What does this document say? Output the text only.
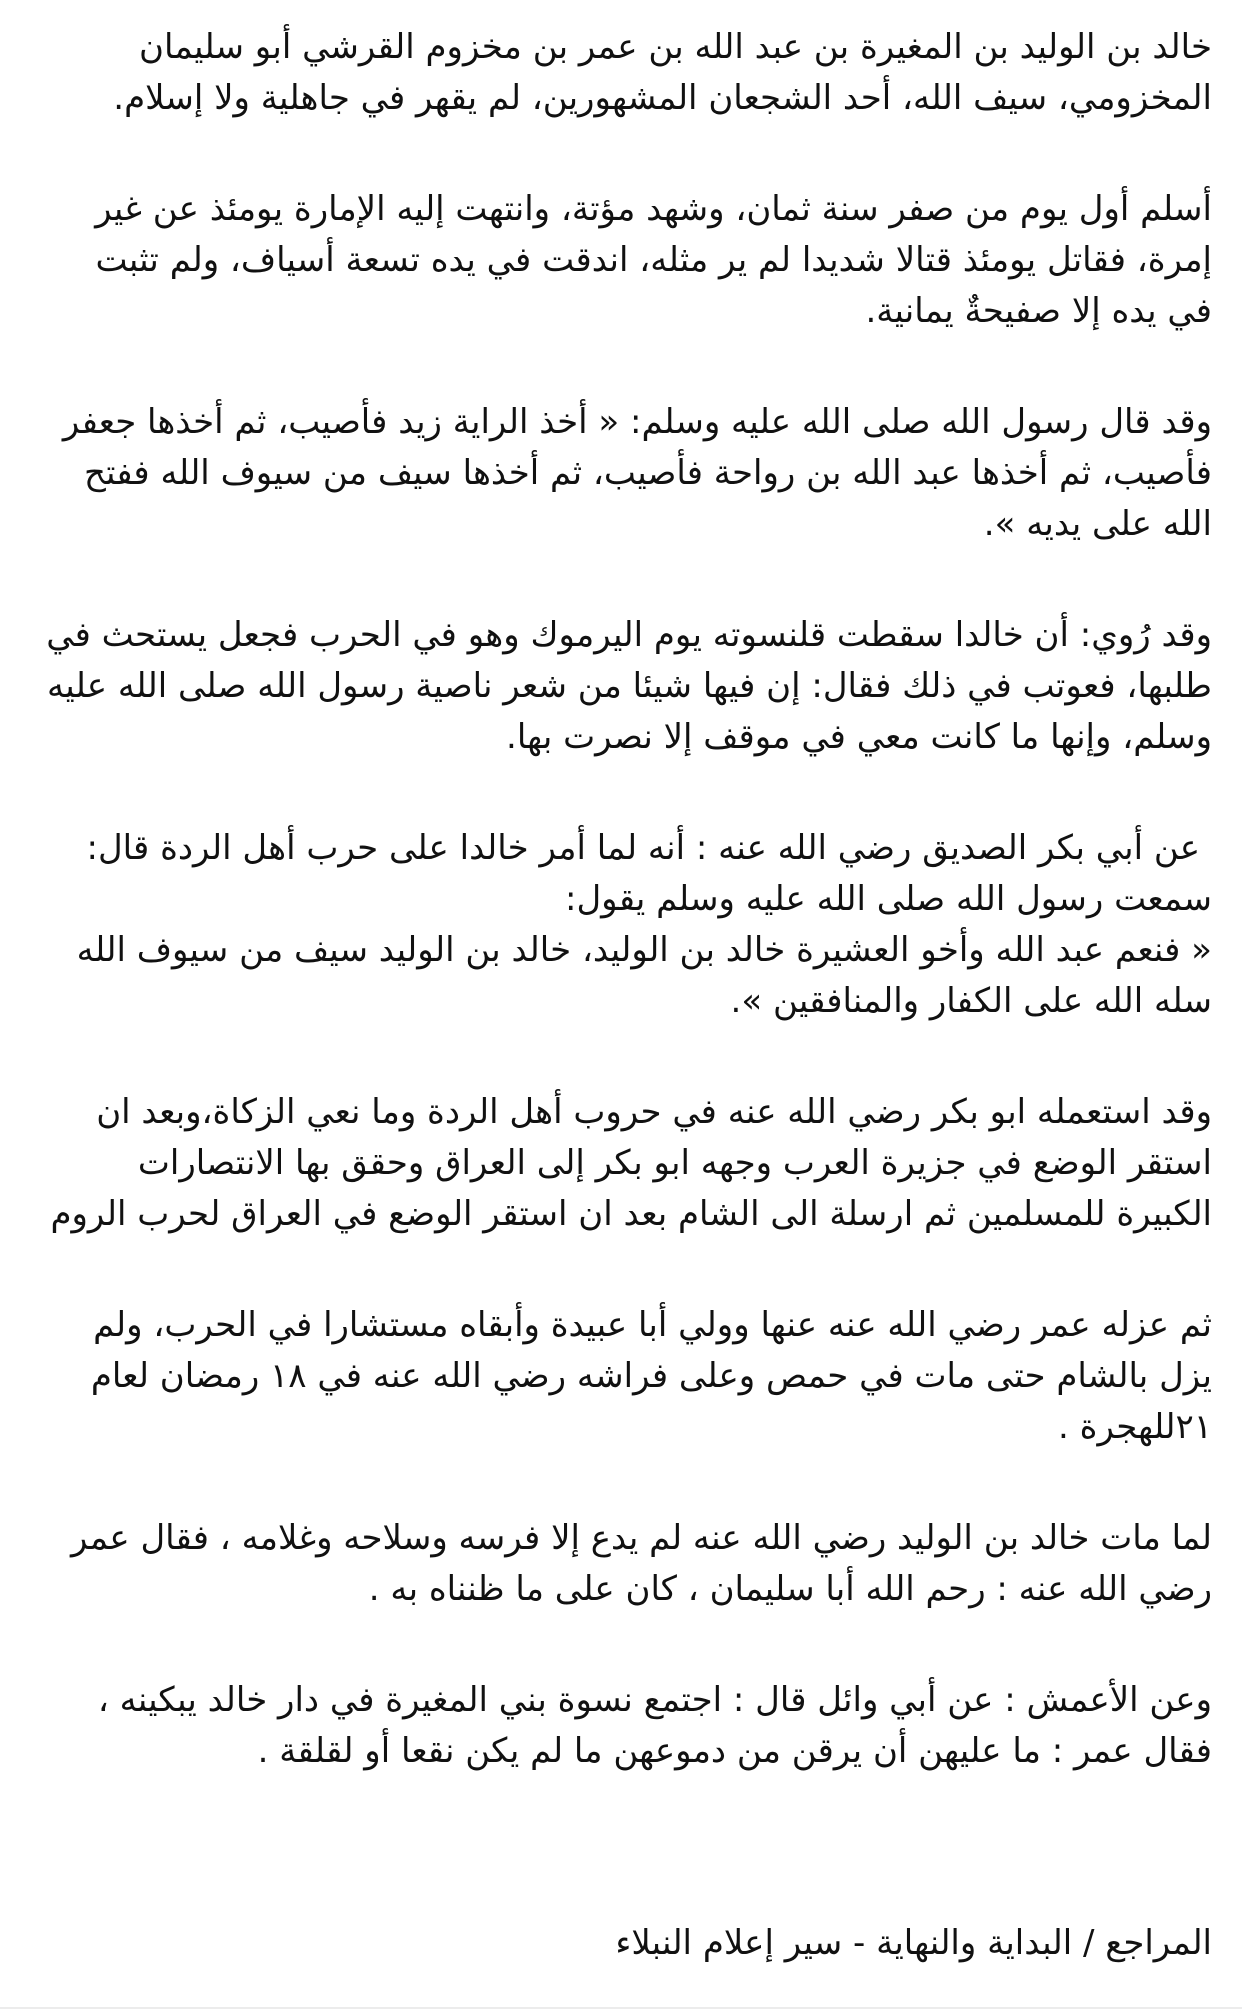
خالد بن الوليد بن المغيرة بن عبد الله بن عمر بن مخزوم القرشي أبو سليمان
المخزومي، سيف الله، أحد الشجعان المشهورين، لم يقهر في جاهلية ولا إسلام.

أسلم أول يوم من صفر سنة ثمان، وشهد مؤتة، وانتهت إليه الإمارة يومئذ عن غير
إمرة، فقاتل يومئذ قتالا شديدا لم ير مثله، اندقت في يده تسعة أسياف، ولم تثبت
في يده إلا صفيحةٌ يمانية.

وقد قال رسول الله صلى الله عليه وسلم: « أخذ الراية زيد فأصيب، ثم أخذها جعفر
فأصيب، ثم أخذها عبد الله بن رواحة فأصيب، ثم أخذها سيف من سيوف الله ففتح
الله على يديه ».

وقد رُوي: أن خالدا سقطت قلنسوته يوم اليرموك وهو في الحرب فجعل يستحث في
طلبها، فعوتب في ذلك فقال: إن فيها شيئا من شعر ناصية رسول الله صلى الله عليه
وسلم، وإنها ما كانت معي في موقف إلا نصرت بها.

عن أبي بكر الصديق رضي الله عنه : أنه لما أمر خالدا على حرب أهل الردة قال:
سمعت رسول الله صلى الله عليه وسلم يقول:
« فنعم عبد الله وأخو العشيرة خالد بن الوليد، خالد بن الوليد سيف من سيوف الله
سله الله على الكفار والمنافقين ».

وقد استعمله ابو بكر رضي الله عنه في حروب أهل الردة وما نعي الزكاة،وبعد ان
استقر الوضع في جزيرة العرب وجهه ابو بكر إلى العراق وحقق بها الانتصارات
الكبيرة للمسلمين ثم ارسلة الى الشام بعد ان استقر الوضع في العراق لحرب الروم

ثم عزله عمر رضي الله عنه عنها وولي أبا عبيدة وأبقاه مستشارا في الحرب، ولم
يزل بالشام حتى مات في حمص وعلى فراشه رضي الله عنه في ١٨ رمضان لعام
٢١للهجرة .

لما مات خالد بن الوليد رضي الله عنه لم يدع إلا فرسه وسلاحه وغلامه ، فقال عمر
رضي الله عنه : رحم الله أبا سليمان ، كان على ما ظنناه به .

وعن الأعمش : عن أبي وائل قال : اجتمع نسوة بني المغيرة في دار خالد يبكينه ،
فقال عمر : ما عليهن أن يرقن من دموعهن ما لم يكن نقعا أو لقلقة .

المراجع / البداية والنهاية - سير إعلام النبلاء
